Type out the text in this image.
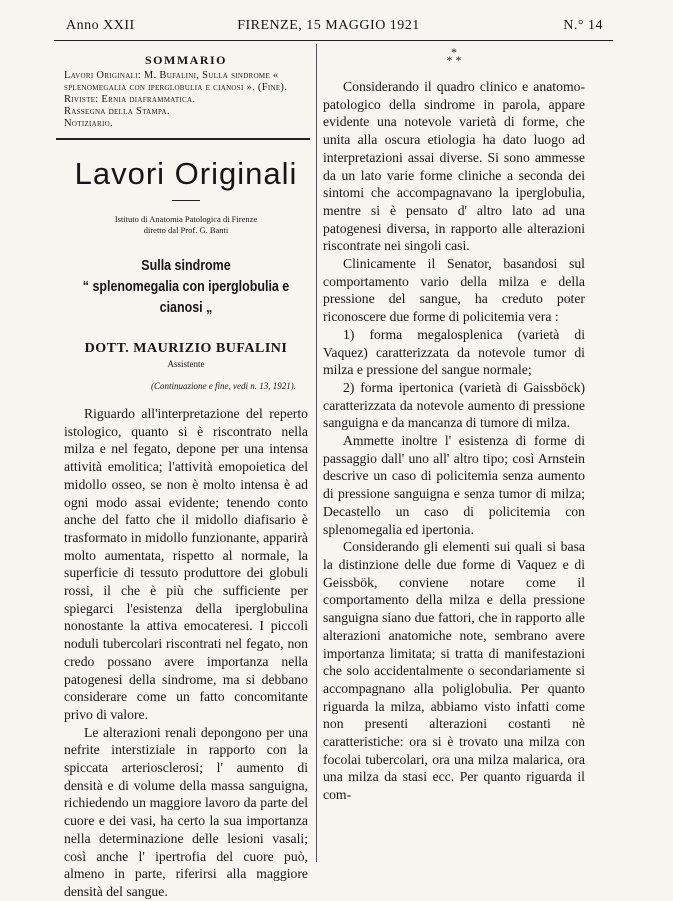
Anno XXII	FIRENZE, 15 MAGGIO 1921	N.° 14
SOMMARIO

Lavori Originali: M. Bufalini, Sulla sindrome « splenomegalia con iperglobulia e cianosi ». (Fine).

Riviste: Ernia diaframmatica.

Rassegna della Stampa.

Notiziario.

Lavori Originali
Istituto di Anatomia Patologica di Firenze
diretto dal Prof. G. Banti
Sulla sindrome
“ splenomegalia con iperglobulia e cianosi „
DOTT. MAURIZIO BUFALINI
Assistente
(Continuazione e fine, vedi n. 13, 1921).

Riguardo all'interpretazione del reperto istologico, quanto si è riscontrato nella milza e nel fegato, depone per una intensa attività emolitica; l'attività emopoietica del midollo osseo, se non è molto intensa è ad ogni modo assai evidente; tenendo conto anche del fatto che il midollo diafisario è trasformato in midollo funzionante, apparirà molto aumentata, rispetto al normale, la superficie di tessuto produttore dei globuli rossi, il che è più che sufficiente per spiegarci l'esistenza della iperglobulina nonostante la attiva emocateresi. I piccoli noduli tubercolari riscontrati nel fegato, non credo possano avere importanza nella patogenesi della sindrome, ma si debbano considerare come un fatto concomitante privo di valore.

Le alterazioni renali depongono per una nefrite interstiziale in rapporto con la spiccata arteriosclerosi; l' aumento di densità e di volume della massa sanguigna, richiedendo un maggiore lavoro da parte del cuore e dei vasi, ha certo la sua importanza nella determinazione delle lesioni vasali; così anche l' ipertrofia del cuore può, almeno in parte, riferirsi alla maggiore densità del sangue.

*
* *

Considerando il quadro clinico e anatomo-patologico della sindrome in parola, appare evidente una notevole varietà di forme, che unita alla oscura etiologia ha dato luogo ad interpretazioni assai diverse. Si sono ammesse da un lato varie forme cliniche a seconda dei sintomi che accompagnavano la iperglobulia, mentre si è pensato d' altro lato ad una patogenesi diversa, in rapporto alle alterazioni riscontrate nei singoli casi.

Clinicamente il Senator, basandosi sul comportamento vario della milza e della pressione del sangue, ha creduto poter riconoscere due forme di policitemia vera :

1) forma megalosplenica (varietà di Vaquez) caratterizzata da notevole tumor di milza e pressione del sangue normale;

2) forma ipertonica (varietà di Gaissböck) caratterizzata da notevole aumento di pressione sanguigna e da mancanza di tumore di milza.

Ammette inoltre l' esistenza di forme di passaggio dall' uno all' altro tipo; così Arnstein descrive un caso di policitemia senza aumento di pressione sanguigna e senza tumor di milza; Decastello un caso di policitemia con splenomegalia ed ipertonia.

Considerando gli elementi sui quali si basa la distinzione delle due forme di Vaquez e di Geissbök, conviene notare come il comportamento della milza e della pressione sanguigna siano due fattori, che in rapporto alle alterazioni anatomiche note, sembrano avere importanza limitata; si tratta di manifestazioni che solo accidentalmente o secondariamente si accompagnano alla poliglobulia. Per quanto riguarda la milza, abbiamo visto infatti come non presenti alterazioni costanti nè caratteristiche: ora si è trovato una milza con focolai tubercolari, ora una milza malarica, ora una milza da stasi ecc. Per quanto riguarda il com-
